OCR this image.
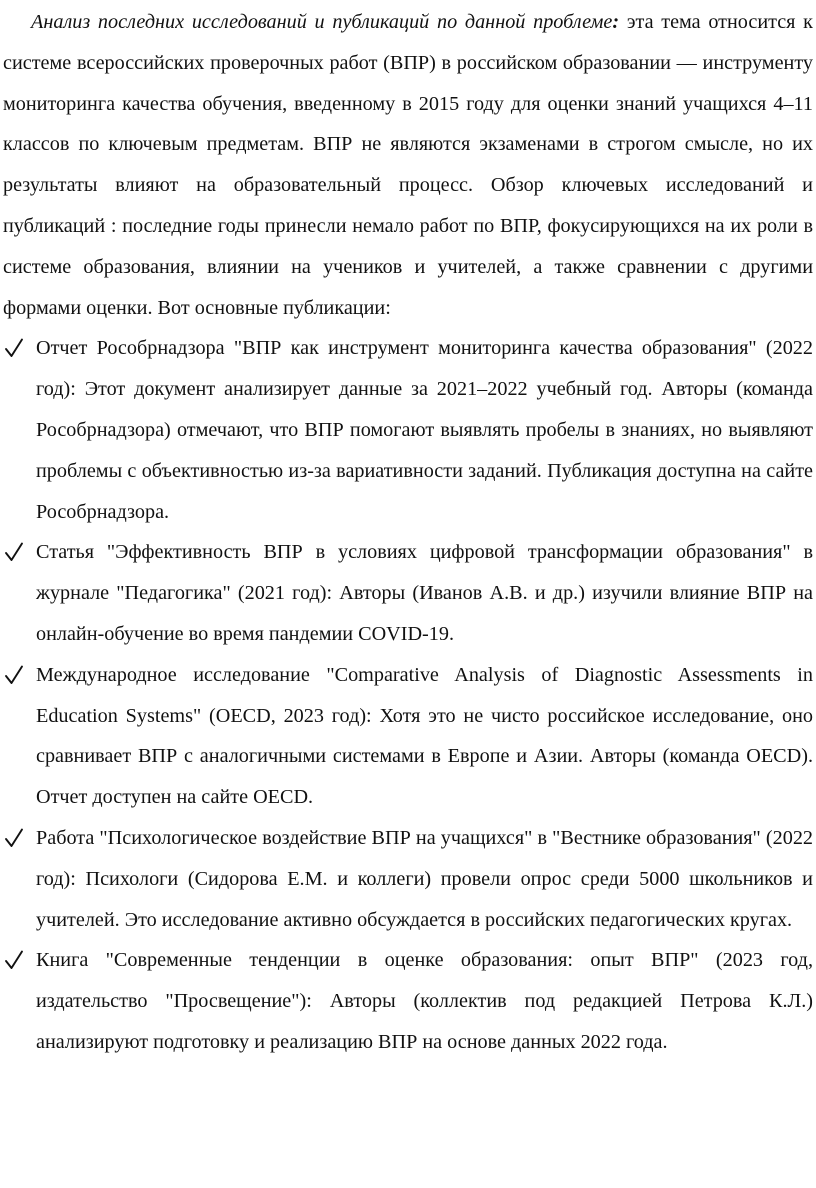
Анализ последних исследований и публикаций по данной проблеме: эта тема относится к системе всероссийских проверочных работ (ВПР) в российском образовании — инструменту мониторинга качества обучения, введенному в 2015 году для оценки знаний учащихся 4–11 классов по ключевым предметам. ВПР не являются экзаменами в строгом смысле, но их результаты влияют на образовательный процесс. Обзор ключевых исследований и публикаций : последние годы принесли немало работ по ВПР, фокусирующихся на их роли в системе образования, влиянии на учеников и учителей, а также сравнении с другими формами оценки. Вот основные публикации:

Отчет Рособрнадзора "ВПР как инструмент мониторинга качества образования" (2022 год): Этот документ анализирует данные за 2021–2022 учебный год. Авторы (команда Рособрнадзора) отмечают, что ВПР помогают выявлять пробелы в знаниях, но выявляют проблемы с объективностью из-за вариативности заданий. Публикация доступна на сайте Рособрнадзора.
Статья "Эффективность ВПР в условиях цифровой трансформации образования" в журнале "Педагогика" (2021 год): Авторы (Иванов А.В. и др.) изучили влияние ВПР на онлайн-обучение во время пандемии COVID-19.
Международное исследование "Comparative Analysis of Diagnostic Assessments in Education Systems" (OECD, 2023 год): Хотя это не чисто российское исследование, оно сравнивает ВПР с аналогичными системами в Европе и Азии. Авторы (команда OECD). Отчет доступен на сайте OECD.
Работа "Психологическое воздействие ВПР на учащихся" в "Вестнике образования" (2022 год): Психологи (Сидорова Е.М. и коллеги) провели опрос среди 5000 школьников и учителей. Это исследование активно обсуждается в российских педагогических кругах.
Книга "Современные тенденции в оценке образования: опыт ВПР" (2023 год, издательство "Просвещение"): Авторы (коллектив под редакцией Петрова К.Л.) анализируют подготовку и реализацию ВПР на основе данных 2022 года.
